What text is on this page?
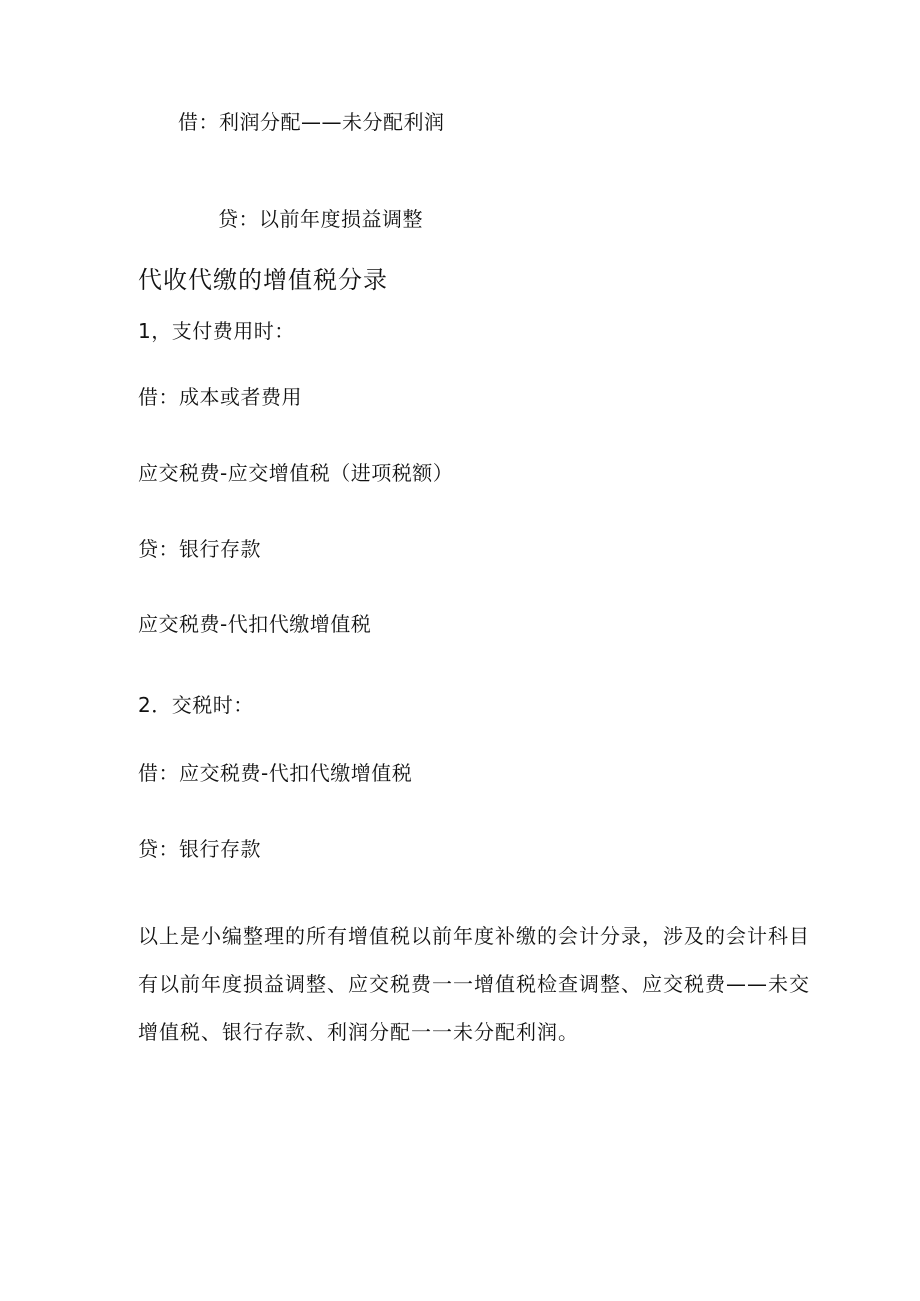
借：利润分配——未分配利润
贷：以前年度损益调整
代收代缴的增值税分录
1，支付费用时：
借：成本或者费用
应交税费-应交增值税（进项税额）
贷：银行存款
应交税费-代扣代缴增值税
2．交税时：
借：应交税费-代扣代缴增值税
贷：银行存款
以上是小编整理的所有增值税以前年度补缴的会计分录，涉及的会计科目
有以前年度损益调整、应交税费一一增值税检查调整、应交税费——未交
增值税、银行存款、利润分配一一未分配利润。
